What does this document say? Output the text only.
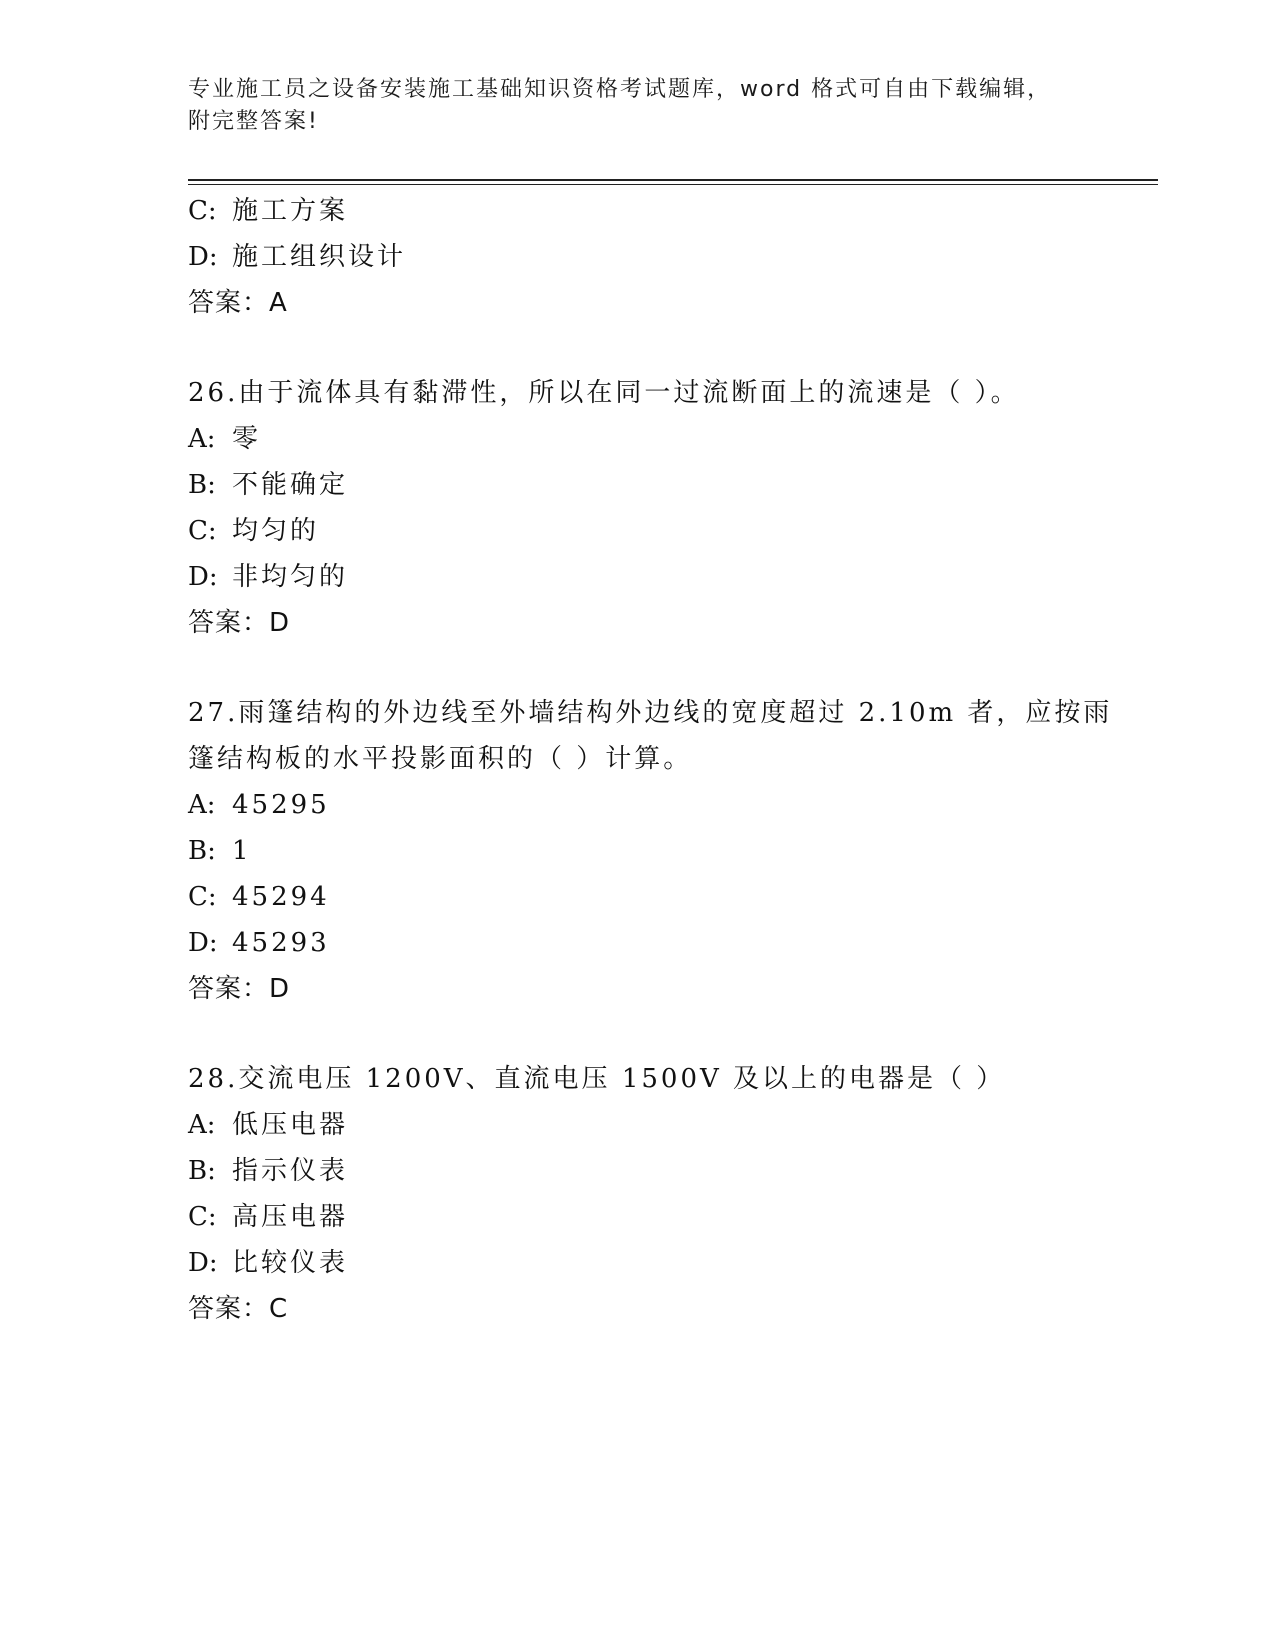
专业施工员之设备安装施工基础知识资格考试题库，word 格式可自由下载编辑，
附完整答案!
C: 施工方案
D: 施工组织设计
答案：A
26.由于流体具有黏滞性，所以在同一过流断面上的流速是（ ）。
A: 零
B: 不能确定
C: 均匀的
D: 非均匀的
答案：D
27.雨篷结构的外边线至外墙结构外边线的宽度超过 2.10m 者，应按雨
篷结构板的水平投影面积的（ ）计算。
A: 45295
B: 1
C: 45294
D: 45293
答案：D
28.交流电压 1200V、直流电压 1500V 及以上的电器是（ ）
A: 低压电器
B: 指示仪表
C: 高压电器
D: 比较仪表
答案：C
